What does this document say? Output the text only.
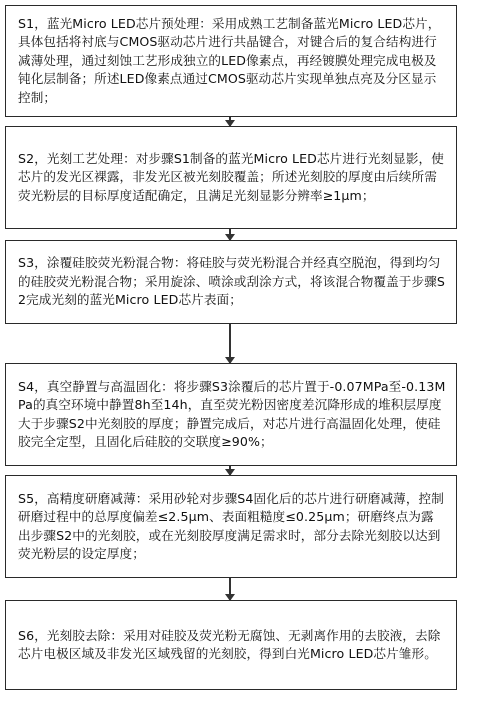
S1，蓝光Micro LED芯片预处理：采用成熟工艺制备蓝光Micro LED芯片，具体包括将衬底与CMOS驱动芯片进行共晶键合，对键合后的复合结构进行减薄处理，通过刻蚀工艺形成独立的LED像素点，再经镀膜处理完成电极及钝化层制备；所述LED像素点通过CMOS驱动芯片实现单独点亮及分区显示控制；

S2，光刻工艺处理：对步骤S1制备的蓝光Micro LED芯片进行光刻显影，使芯片的发光区裸露，非发光区被光刻胶覆盖；所述光刻胶的厚度由后续所需荧光粉层的目标厚度适配确定，且满足光刻显影分辨率≥1μm；

S3，涂覆硅胶荧光粉混合物：将硅胶与荧光粉混合并经真空脱泡，得到均匀的硅胶荧光粉混合物；采用旋涂、喷涂或刮涂方式，将该混合物覆盖于步骤S2完成光刻的蓝光Micro LED芯片表面；

S4，真空静置与高温固化：将步骤S3涂覆后的芯片置于-0.07MPa至-0.13MPa的真空环境中静置8h至14h，直至荧光粉因密度差沉降形成的堆积层厚度大于步骤S2中光刻胶的厚度；静置完成后，对芯片进行高温固化处理，使硅胶完全定型，且固化后硅胶的交联度≥90%；

S5，高精度研磨减薄：采用砂轮对步骤S4固化后的芯片进行研磨减薄，控制研磨过程中的总厚度偏差≤2.5μm、表面粗糙度≤0.25μm；研磨终点为露出步骤S2中的光刻胶，或在光刻胶厚度满足需求时，部分去除光刻胶以达到荧光粉层的设定厚度；

S6，光刻胶去除：采用对硅胶及荧光粉无腐蚀、无剥离作用的去胶液，去除芯片电极区域及非发光区域残留的光刻胶，得到白光Micro LED芯片雏形。
